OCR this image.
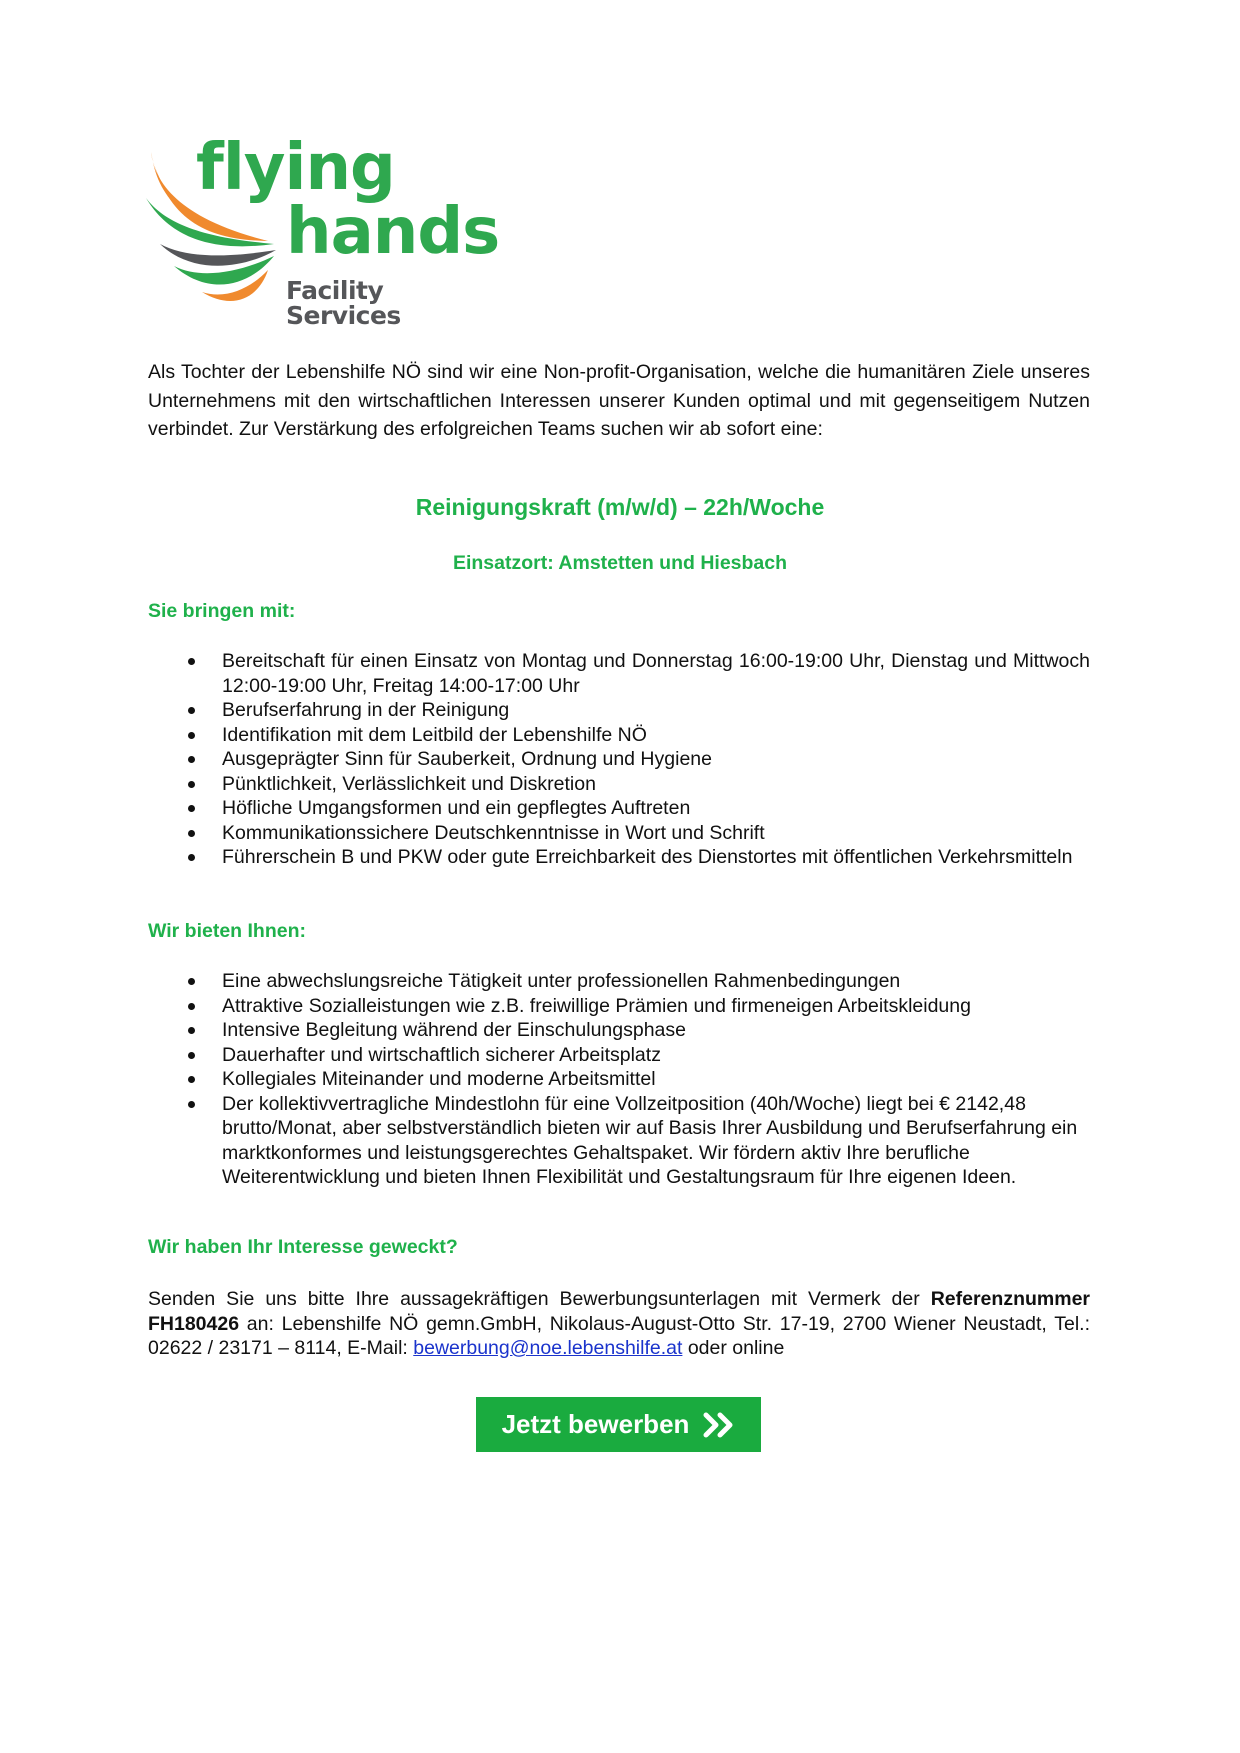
flying
hands
Facility Services

Als Tochter der Lebenshilfe NÖ sind wir eine Non-profit-Organisation, welche die humanitären Ziele unseres Unternehmens mit den wirtschaftlichen Interessen unserer Kunden optimal und mit gegenseitigem Nutzen verbindet. Zur Verstärkung des erfolgreichen Teams suchen wir ab sofort eine:

Reinigungskraft (m/w/d) – 22h/Woche
Einsatzort: Amstetten und Hiesbach
Sie bringen mit:
Bereitschaft für einen Einsatz von Montag und Donnerstag 16:00-19:00 Uhr, Dienstag und Mittwoch 12:00-19:00 Uhr, Freitag 14:00-17:00 Uhr
Berufserfahrung in der Reinigung
Identifikation mit dem Leitbild der Lebenshilfe NÖ
Ausgeprägter Sinn für Sauberkeit, Ordnung und Hygiene
Pünktlichkeit, Verlässlichkeit und Diskretion
Höfliche Umgangsformen und ein gepflegtes Auftreten
Kommunikationssichere Deutschkenntnisse in Wort und Schrift
Führerschein B und PKW oder gute Erreichbarkeit des Dienstortes mit öffentlichen Verkehrsmitteln
Wir bieten Ihnen:
Eine abwechslungsreiche Tätigkeit unter professionellen Rahmenbedingungen
Attraktive Sozialleistungen wie z.B. freiwillige Prämien und firmeneigen Arbeitskleidung
Intensive Begleitung während der Einschulungsphase
Dauerhafter und wirtschaftlich sicherer Arbeitsplatz
Kollegiales Miteinander und moderne Arbeitsmittel
Der kollektivvertragliche Mindestlohn für eine Vollzeitposition (40h/Woche) liegt bei € 2142,48 brutto/Monat, aber selbstverständlich bieten wir auf Basis Ihrer Ausbildung und Berufserfahrung ein marktkonformes und leistungsgerechtes Gehaltspaket. Wir fördern aktiv Ihre berufliche Weiterentwicklung und bieten Ihnen Flexibilität und Gestaltungsraum für Ihre eigenen Ideen.
Wir haben Ihr Interesse geweckt?

Senden Sie uns bitte Ihre aussagekräftigen Bewerbungsunterlagen mit Vermerk der Referenznummer FH180426 an: Lebenshilfe NÖ gemn.GmbH, Nikolaus-August-Otto Str. 17-19, 2700 Wiener Neustadt, Tel.: 02622 / 23171 – 8114, E-Mail: bewerbung@noe.lebenshilfe.at oder online

Jetzt bewerben
